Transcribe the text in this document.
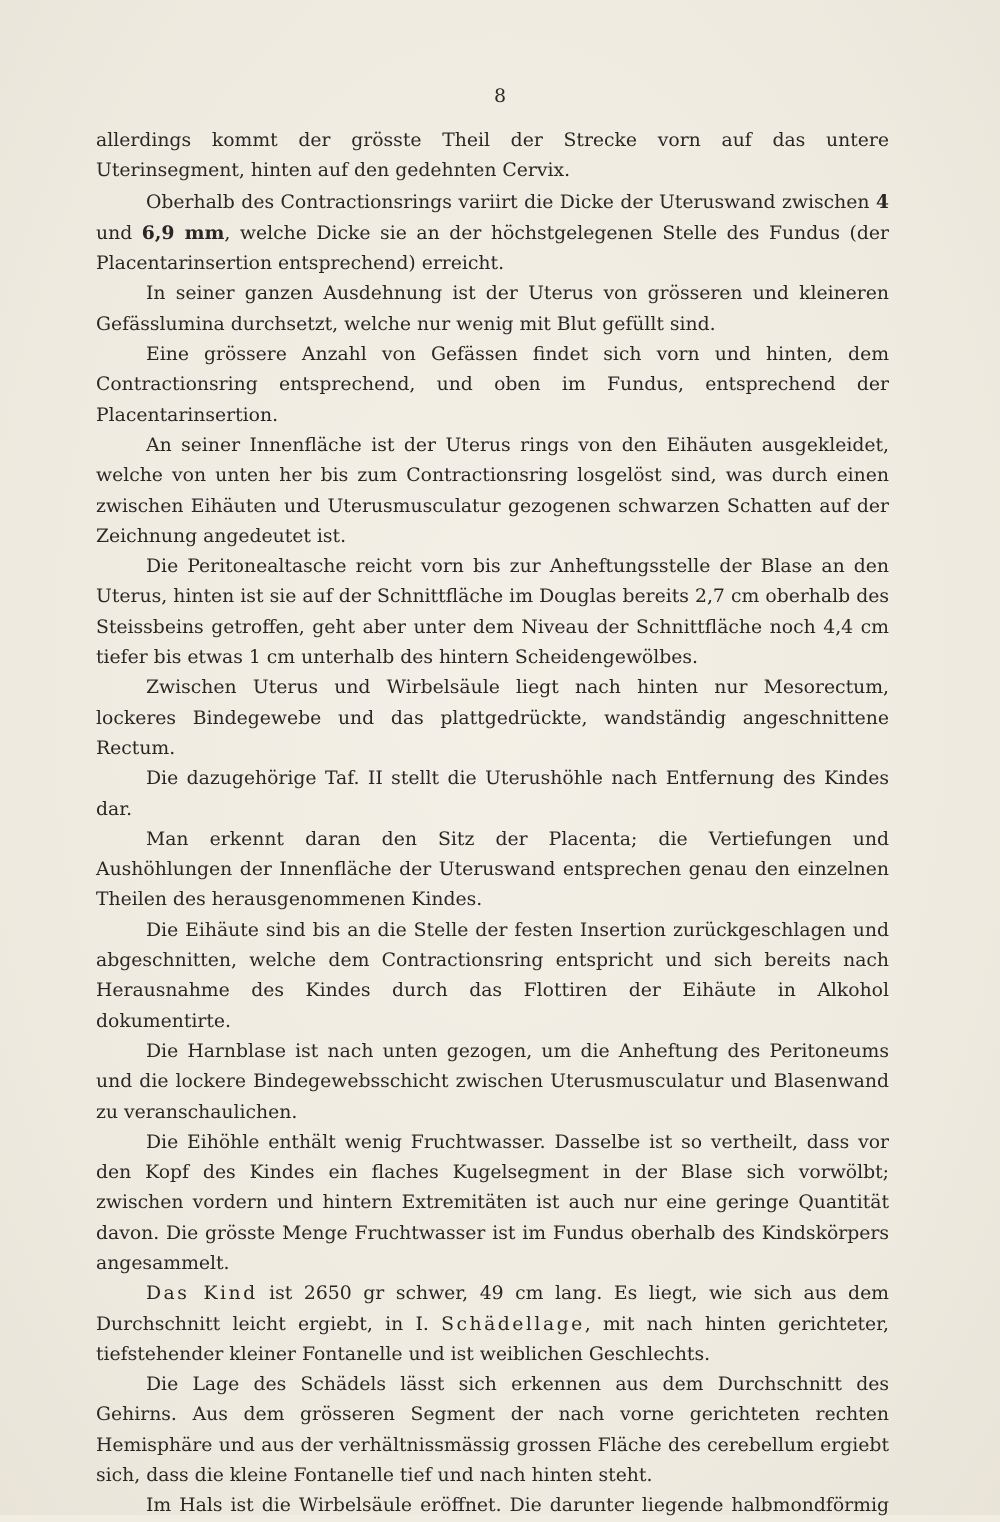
8

allerdings kommt der grösste Theil der Strecke vorn auf das untere Uterinsegment, hinten auf den gedehnten Cervix.

Oberhalb des Contractionsrings variirt die Dicke der Uteruswand zwischen 4 und 6,9 mm, welche Dicke sie an der höchstgelegenen Stelle des Fundus (der Placentarinsertion entsprechend) erreicht.

In seiner ganzen Ausdehnung ist der Uterus von grösseren und kleineren Gefässlumina durchsetzt, welche nur wenig mit Blut gefüllt sind.

Eine grössere Anzahl von Gefässen findet sich vorn und hinten, dem Contractionsring entsprechend, und oben im Fundus, entsprechend der Placentarinsertion.

An seiner Innenfläche ist der Uterus rings von den Eihäuten ausgekleidet, welche von unten her bis zum Contractionsring losgelöst sind, was durch einen zwischen Eihäuten und Uterusmusculatur gezogenen schwarzen Schatten auf der Zeichnung angedeutet ist.

Die Peritonealtasche reicht vorn bis zur Anheftungsstelle der Blase an den Uterus, hinten ist sie auf der Schnittfläche im Douglas bereits 2,7 cm oberhalb des Steissbeins getroffen, geht aber unter dem Niveau der Schnittfläche noch 4,4 cm tiefer bis etwas 1 cm unterhalb des hintern Scheidengewölbes.

Zwischen Uterus und Wirbelsäule liegt nach hinten nur Mesorectum, lockeres Bindegewebe und das plattgedrückte, wandständig angeschnittene Rectum.

Die dazugehörige Taf. II stellt die Uterushöhle nach Entfernung des Kindes dar.

Man erkennt daran den Sitz der Placenta; die Vertiefungen und Aushöhlungen der Innenfläche der Uteruswand entsprechen genau den einzelnen Theilen des herausgenommenen Kindes.

Die Eihäute sind bis an die Stelle der festen Insertion zurückgeschlagen und abgeschnitten, welche dem Contractionsring entspricht und sich bereits nach Herausnahme des Kindes durch das Flottiren der Eihäute in Alkohol dokumentirte.

Die Harnblase ist nach unten gezogen, um die Anheftung des Peritoneums und die lockere Bindegewebsschicht zwischen Uterusmusculatur und Blasenwand zu veranschaulichen.

Die Eihöhle enthält wenig Fruchtwasser. Dasselbe ist so vertheilt, dass vor den Kopf des Kindes ein flaches Kugelsegment in der Blase sich vorwölbt; zwischen vordern und hintern Extremitäten ist auch nur eine geringe Quantität davon. Die grösste Menge Fruchtwasser ist im Fundus oberhalb des Kindskörpers angesammelt.

Das Kind ist 2650 gr schwer, 49 cm lang. Es liegt, wie sich aus dem Durchschnitt leicht ergiebt, in I. Schädellage, mit nach hinten gerichteter, tiefstehender kleiner Fontanelle und ist weiblichen Geschlechts.

Die Lage des Schädels lässt sich erkennen aus dem Durchschnitt des Gehirns. Aus dem grösseren Segment der nach vorne gerichteten rechten Hemisphäre und aus der verhältnissmässig grossen Fläche des cerebellum ergiebt sich, dass die kleine Fontanelle tief und nach hinten steht.

Im Hals ist die Wirbelsäule eröffnet. Die darunter liegende halbmondförmig
